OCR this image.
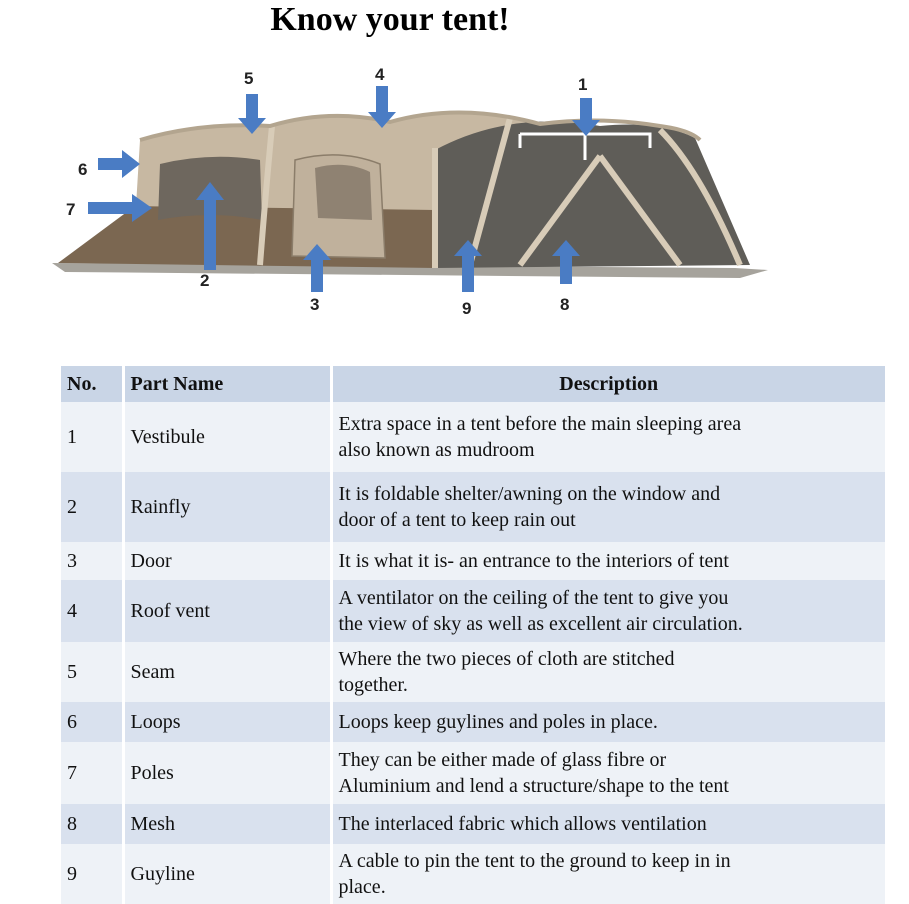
Know your tent!
1
2
3
4
5
6
7
8
9
No.	Part Name	Description
1	Vestibule	Extra space in a tent before the main sleeping area
also known as mudroom

2	Rainfly	It is foldable shelter/awning on the window and
door of a tent to keep rain out

3	Door	It is what it is- an entrance to the interiors of tent

4	Roof vent	A ventilator on the ceiling of the tent to give you
the view of sky as well as excellent air circulation.

5	Seam	Where the two pieces of cloth are stitched
together.

6	Loops	Loops keep guylines and poles in place.

7	Poles	They can be either made of glass fibre or
Aluminium and lend a structure/shape to the tent

8	Mesh	The interlaced fabric which allows ventilation

9	Guyline	A cable to pin the tent to the ground to keep in in
place.
